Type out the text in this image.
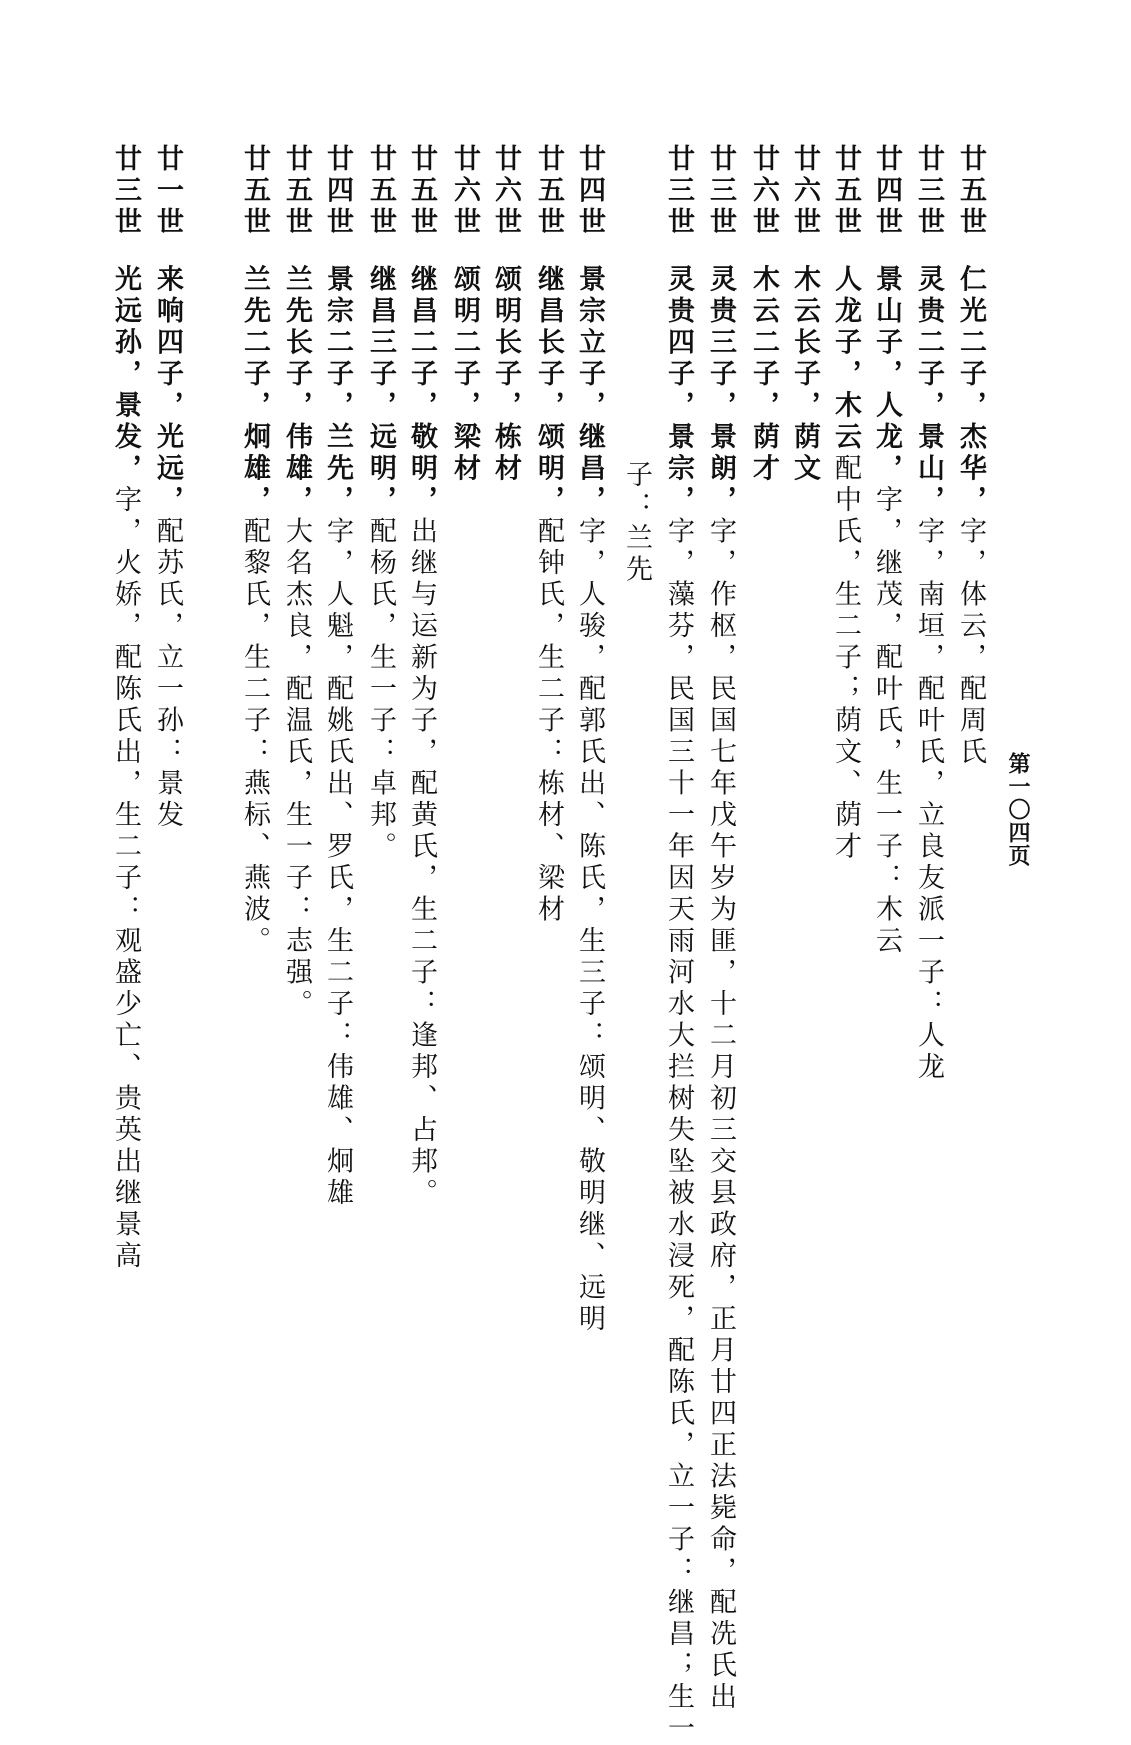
第一〇四页
廿五世仁光二子，杰华，字，体云，配周氏
廿三世灵贵二子，景山，字，南垣，配叶氏，立良友派一子：人龙
廿四世景山子，人龙，字，继茂，配叶氏，生一子：木云
廿五世人龙子，木云配中氏，生二子；荫文、荫才
廿六世木云长子，荫文
廿六世木云二子，荫才
廿三世灵贵三子，景朗，字，作枢，民国七年戊午岁为匪，十二月初三交县政府，正月廿四正法毙命，配冼氏出
廿三世灵贵四子，景宗，字，藻芬，民国三十一年因天雨河水大拦树失坠被水浸死，配陈氏，立一子：继昌；生一
子：兰先
廿四世景宗立子，继昌，字，人骏，配郭氏出、陈氏，生三子：颂明、敬明继、远明
廿五世继昌长子，颂明，配钟氏，生二子：栋材、梁材
廿六世颂明长子，栋材
廿六世颂明二子，梁材
廿五世继昌二子，敬明，出继与运新为子，配黄氏，生二子：逢邦、占邦。
廿五世继昌三子，远明，配杨氏，生一子：卓邦。
廿四世景宗二子，兰先，字，人魁，配姚氏出、罗氏，生二子：伟雄、炯雄
廿五世兰先长子，伟雄，大名杰良，配温氏，生一子：志强。
廿五世兰先二子，炯雄，配黎氏，生二子：燕标、燕波。
廿一世来响四子，光远，配苏氏，立一孙：景发
廿三世光远孙，景发，字，火娇，配陈氏出，生二子：观盛少亡、贵英出继景高
